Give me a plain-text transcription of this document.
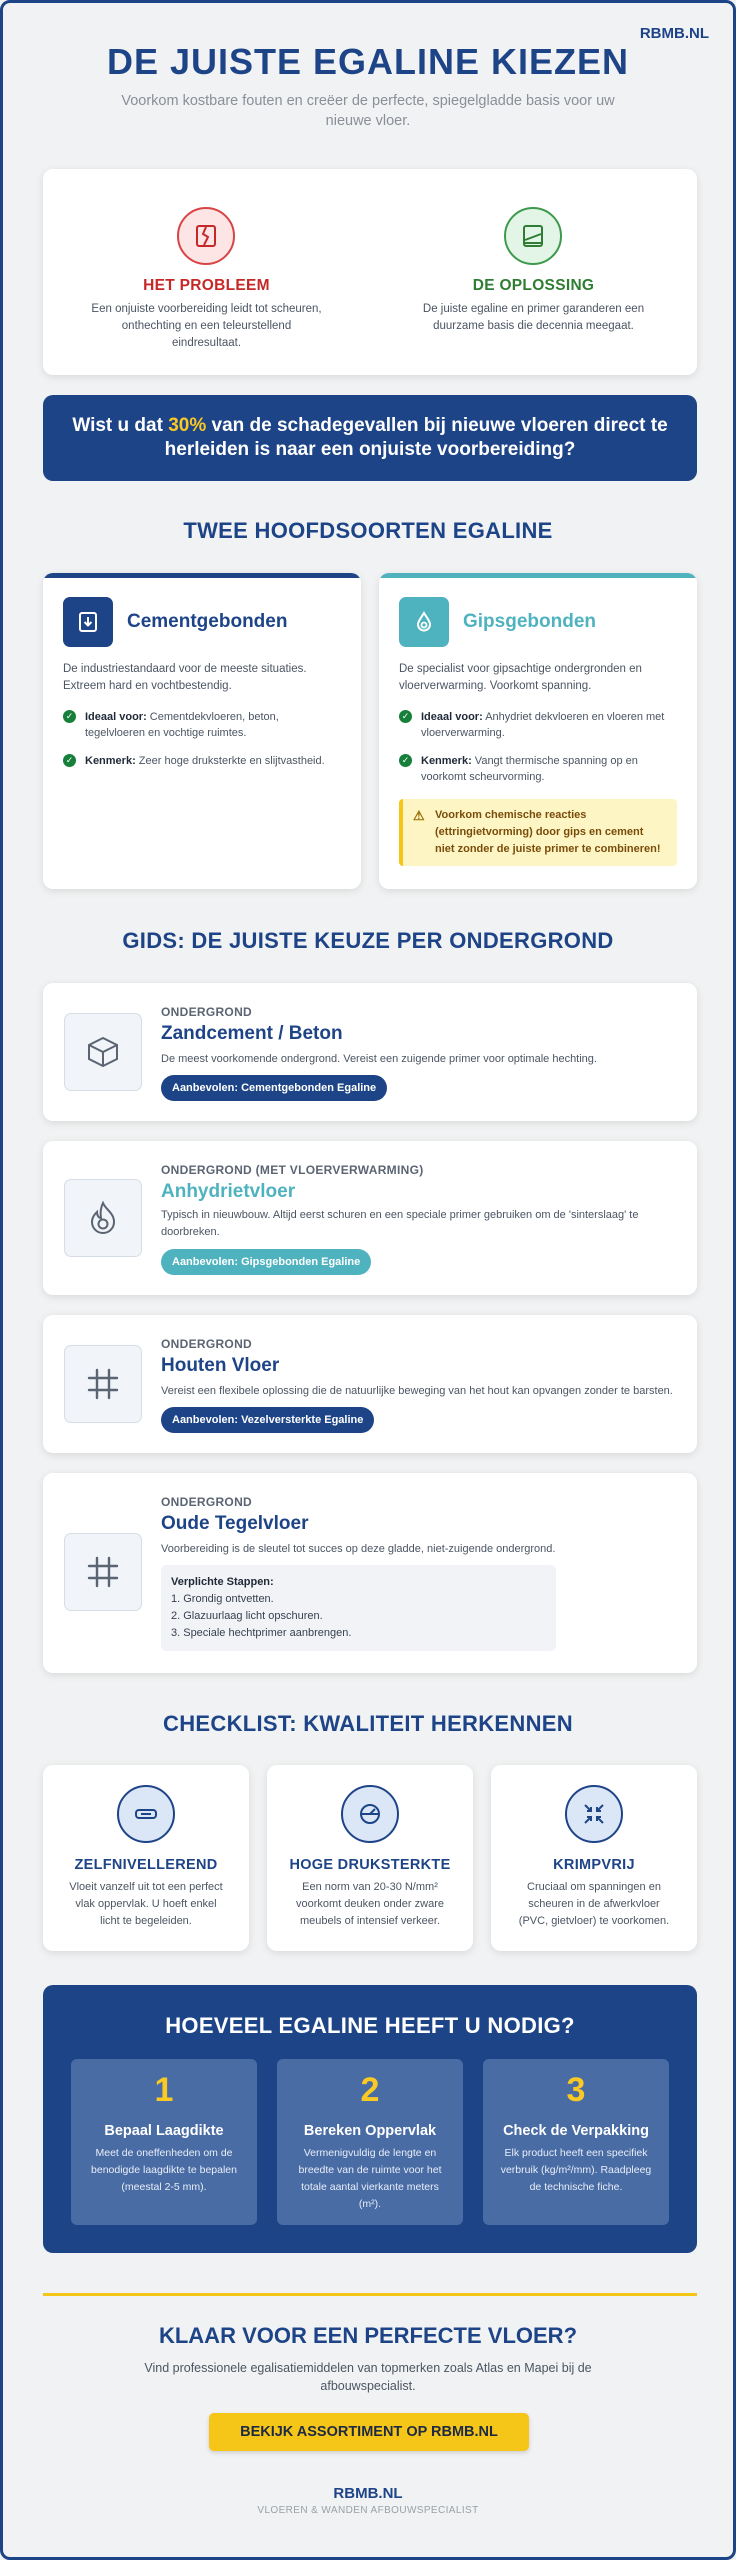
RBMB.NL
DE JUISTE EGALINE KIEZEN
Voorkom kostbare fouten en creëer de perfecte, spiegelgladde basis voor uw nieuwe vloer.
HET PROBLEEM
Een onjuiste voorbereiding leidt tot scheuren, onthechting en een teleurstellend eindresultaat.
DE OPLOSSING
De juiste egaline en primer garanderen een duurzame basis die decennia meegaat.
Wist u dat 30% van de schadegevallen bij nieuwe vloeren direct te herleiden is naar een onjuiste voorbereiding?
TWEE HOOFDSOORTEN EGALINE
Cementgebonden
De industriestandaard voor de meeste situaties. Extreem hard en vochtbestendig.
✓ Ideaal voor: Cementdekvloeren, beton, tegelvloeren en vochtige ruimtes.
✓ Kenmerk: Zeer hoge druksterkte en slijtvastheid.
Gipsgebonden
De specialist voor gipsachtige ondergronden en vloerverwarming. Voorkomt spanning.
✓ Ideaal voor: Anhydriet dekvloeren en vloeren met vloerverwarming.
✓ Kenmerk: Vangt thermische spanning op en voorkomt scheurvorming.
⚠ Voorkom chemische reacties (ettringietvorming) door gips en cement niet zonder de juiste primer te combineren!
GIDS: DE JUISTE KEUZE PER ONDERGROND
ONDERGROND
Zandcement / Beton
De meest voorkomende ondergrond. Vereist een zuigende primer voor optimale hechting.
Aanbevolen: Cementgebonden Egaline
ONDERGROND (MET VLOERVERWARMING)
Anhydrietvloer
Typisch in nieuwbouw. Altijd eerst schuren en een speciale primer gebruiken om de 'sinterslaag' te doorbreken.
Aanbevolen: Gipsgebonden Egaline
ONDERGROND
Houten Vloer
Vereist een flexibele oplossing die de natuurlijke beweging van het hout kan opvangen zonder te barsten.
Aanbevolen: Vezelversterkte Egaline
ONDERGROND
Oude Tegelvloer
Voorbereiding is de sleutel tot succes op deze gladde, niet-zuigende ondergrond.
Verplichte Stappen:
1. Grondig ontvetten.
2. Glazuurlaag licht opschuren.
3. Speciale hechtprimer aanbrengen.
CHECKLIST: KWALITEIT HERKENNEN
ZELFNIVELLEREND
Vloeit vanzelf uit tot een perfect vlak oppervlak. U hoeft enkel licht te begeleiden.
HOGE DRUKSTERKTE
Een norm van 20-30 N/mm² voorkomt deuken onder zware meubels of intensief verkeer.
KRIMPVRIJ
Cruciaal om spanningen en scheuren in de afwerkvloer (PVC, gietvloer) te voorkomen.
HOEVEEL EGALINE HEEFT U NODIG?
1
Bepaal Laagdikte
Meet de oneffenheden om de benodigde laagdikte te bepalen (meestal 2-5 mm).
2
Bereken Oppervlak
Vermenigvuldig de lengte en breedte van de ruimte voor het totale aantal vierkante meters (m²).
3
Check de Verpakking
Elk product heeft een specifiek verbruik (kg/m²/mm). Raadpleeg de technische fiche.
KLAAR VOOR EEN PERFECTE VLOER?
Vind professionele egalisatiemiddelen van topmerken zoals Atlas en Mapei bij de afbouwspecialist.
BEKIJK ASSORTIMENT OP RBMB.NL
RBMB.NL
VLOEREN & WANDEN AFBOUWSPECIALIST
